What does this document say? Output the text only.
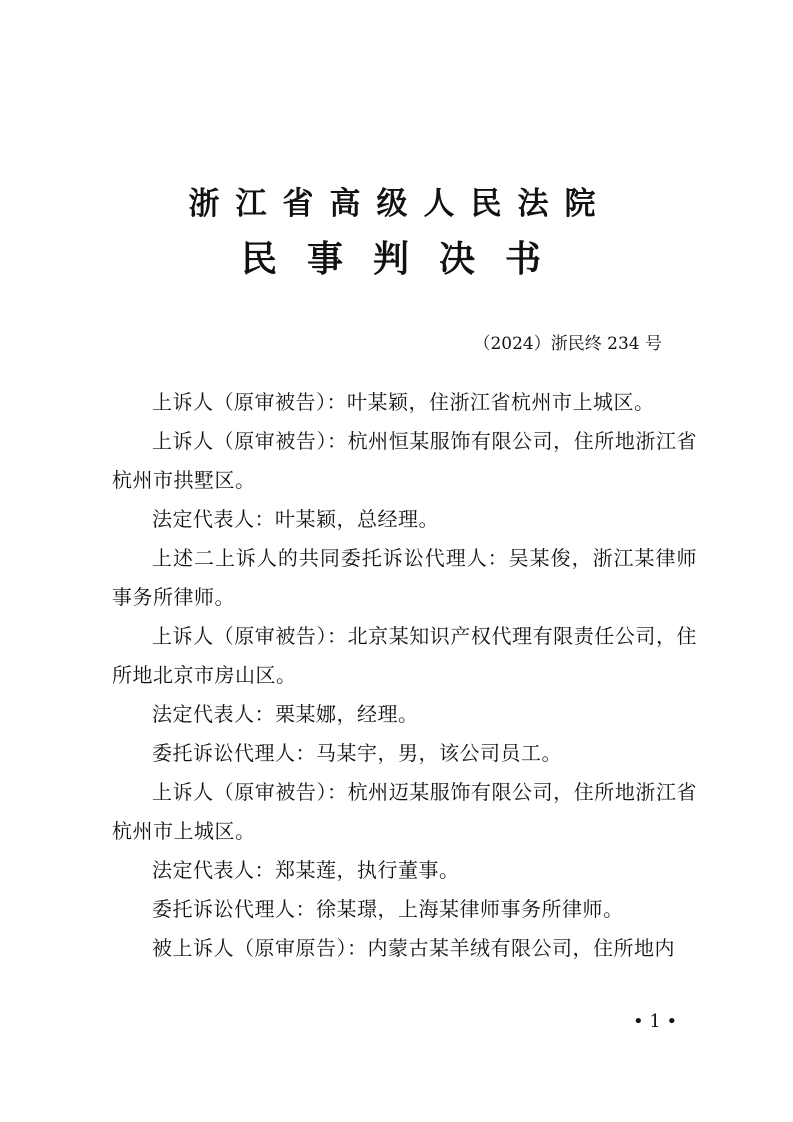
浙江省高级人民法院
民事判决书
（2024）浙民终 234 号

上诉人（原审被告）：叶某颖，住浙江省杭州市上城区。

上诉人（原审被告）：杭州恒某服饰有限公司，住所地浙江省杭州市拱墅区。

法定代表人：叶某颖，总经理。

上述二上诉人的共同委托诉讼代理人：吴某俊，浙江某律师事务所律师。

上诉人（原审被告）：北京某知识产权代理有限责任公司，住所地北京市房山区。

法定代表人：栗某娜，经理。

委托诉讼代理人：马某宇，男，该公司员工。

上诉人（原审被告）：杭州迈某服饰有限公司，住所地浙江省杭州市上城区。

法定代表人：郑某莲，执行董事。

委托诉讼代理人：徐某璟，上海某律师事务所律师。

被上诉人（原审原告）：内蒙古某羊绒有限公司，住所地内

• 1 •
